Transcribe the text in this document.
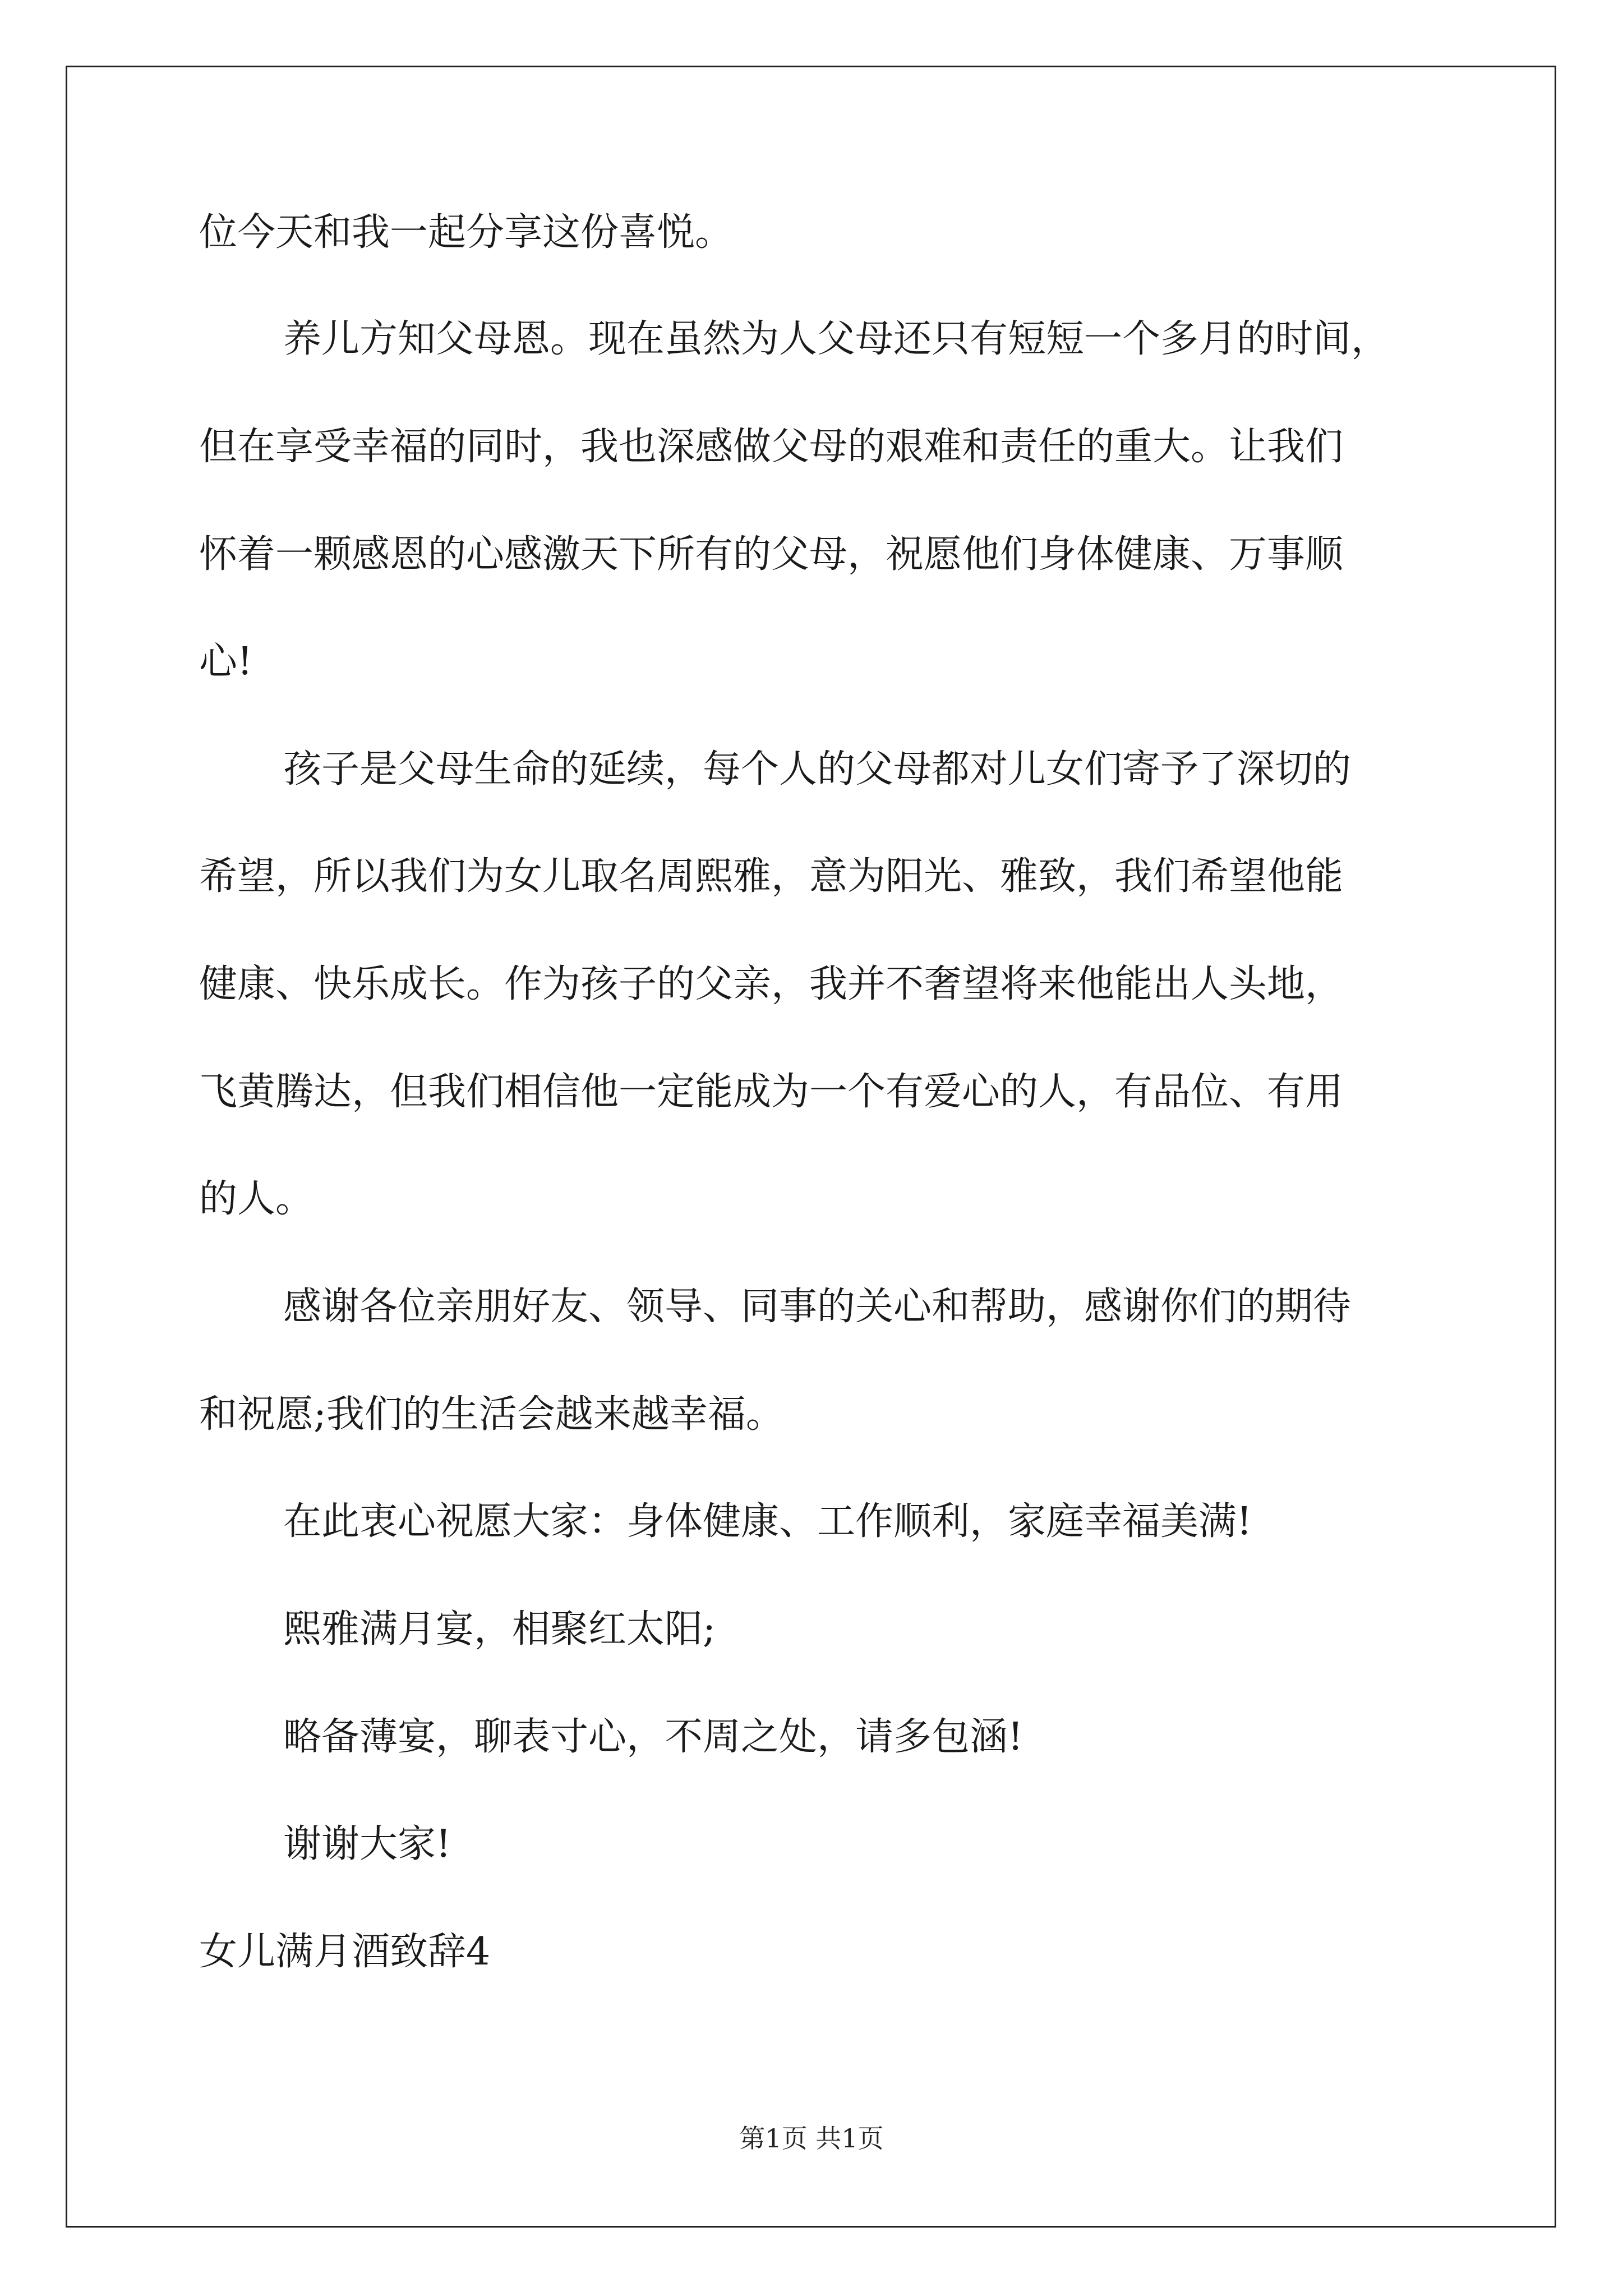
位今天和我一起分享这份喜悦。
养儿方知父母恩。现在虽然为人父母还只有短短一个多月的时间，
但在享受幸福的同时，我也深感做父母的艰难和责任的重大。让我们
怀着一颗感恩的心感激天下所有的父母，祝愿他们身体健康、万事顺
心!
孩子是父母生命的延续，每个人的父母都对儿女们寄予了深切的
希望，所以我们为女儿取名周熙雅，意为阳光、雅致，我们希望他能
健康、快乐成长。作为孩子的父亲，我并不奢望将来他能出人头地，
飞黄腾达，但我们相信他一定能成为一个有爱心的人，有品位、有用
的人。
感谢各位亲朋好友、领导、同事的关心和帮助，感谢你们的期待
和祝愿;我们的生活会越来越幸福。
在此衷心祝愿大家：身体健康、工作顺利，家庭幸福美满!
熙雅满月宴，相聚红太阳;
略备薄宴，聊表寸心，不周之处，请多包涵!
谢谢大家!
女儿满月酒致辞4
第1页 共1页
